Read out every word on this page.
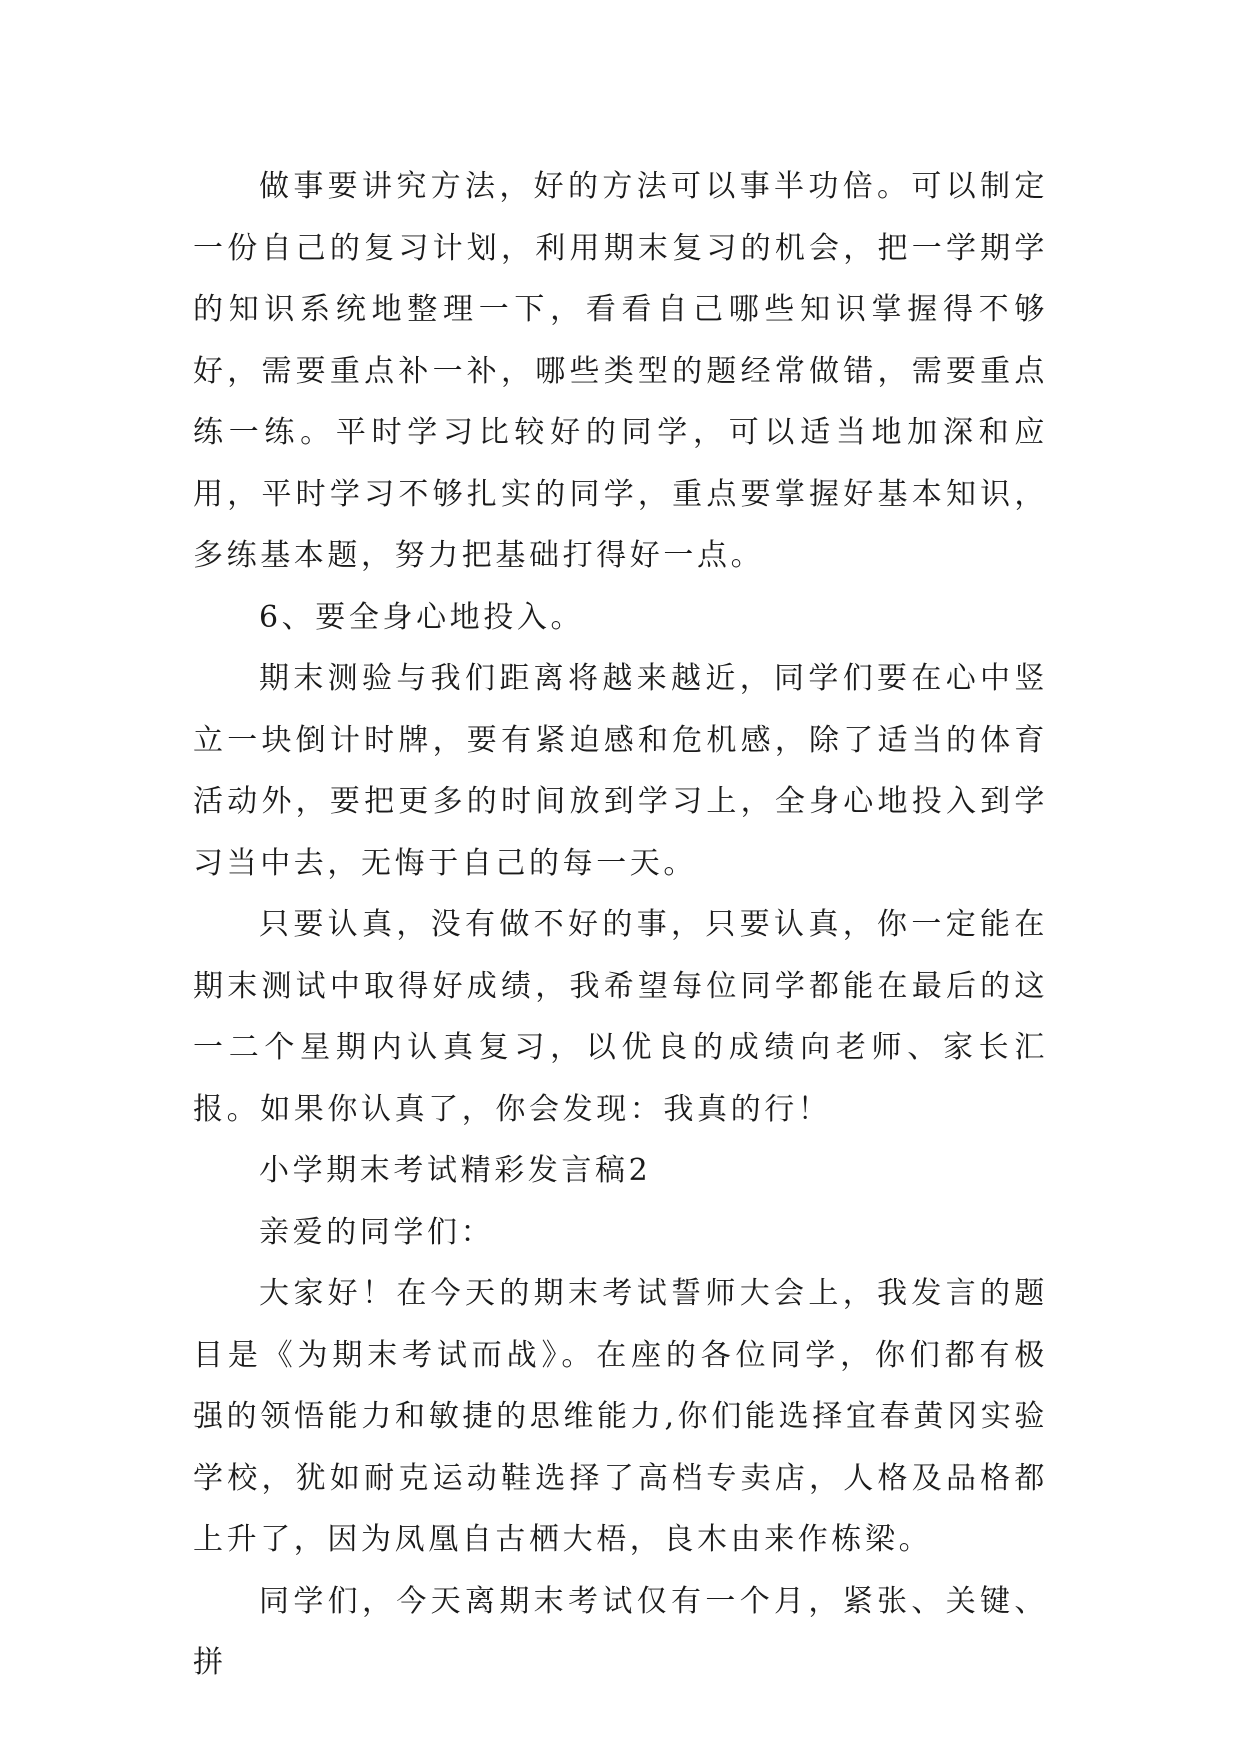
做事要讲究方法，好的方法可以事半功倍。可以制定一份自己的复习计划，利用期末复习的机会，把一学期学的知识系统地整理一下，看看自己哪些知识掌握得不够好，需要重点补一补，哪些类型的题经常做错，需要重点练一练。平时学习比较好的同学，可以适当地加深和应用，平时学习不够扎实的同学，重点要掌握好基本知识，多练基本题，努力把基础打得好一点。

6、要全身心地投入。

期末测验与我们距离将越来越近，同学们要在心中竖立一块倒计时牌，要有紧迫感和危机感，除了适当的体育活动外，要把更多的时间放到学习上，全身心地投入到学习当中去，无悔于自己的每一天。

只要认真，没有做不好的事，只要认真，你一定能在期末测试中取得好成绩，我希望每位同学都能在最后的这一二个星期内认真复习，以优良的成绩向老师、家长汇报。如果你认真了，你会发现：我真的行！

小学期末考试精彩发言稿2

亲爱的同学们：

大家好！在今天的期末考试誓师大会上，我发言的题目是《为期末考试而战》。在座的各位同学，你们都有极强的领悟能力和敏捷的思维能力,你们能选择宜春黄冈实验学校，犹如耐克运动鞋选择了高档专卖店，人格及品格都上升了，因为凤凰自古栖大梧，良木由来作栋梁。

同学们，今天离期末考试仅有一个月，紧张、关键、拼
